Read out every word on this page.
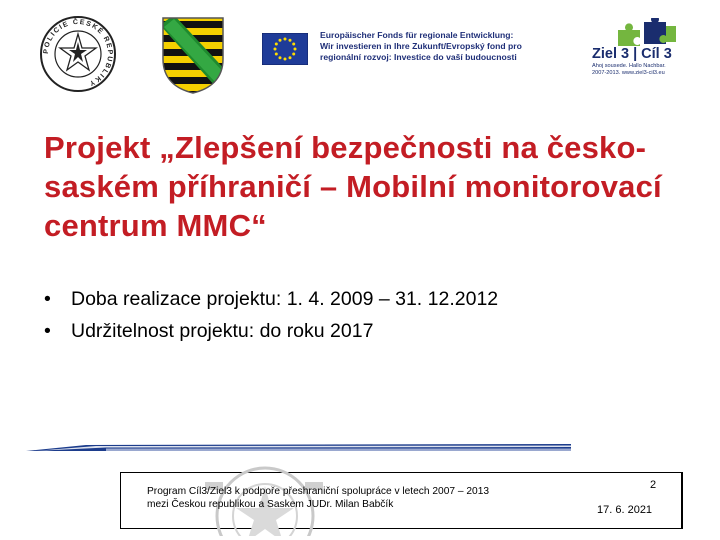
POLICIE ČESKÉ REPUBLIKY
Europäischer Fonds für regionale Entwicklung:
Wir investieren in Ihre Zukunft/Evropský fond pro
regionální rozvoj: Investice do vaší budoucnosti	Ziel 3 | Cíl 3
Ahoj sousede. Hallo Nachbar.
2007-2013. www.ziel3-cil3.eu
Projekt „Zlepšení bezpečnosti na česko-saském příhraničí – Mobilní monitorovací centrum MMC“
• Doba realizace projektu: 1. 4. 2009 – 31. 12.2012
• Udržitelnost projektu: do roku 2017
Program Cíl3/Ziel3 k podpoře přeshraniční spolupráce v letech 2007 – 2013
mezi Českou republikou a Saskem JUDr. Milan Babčík
2
17. 6. 2021
